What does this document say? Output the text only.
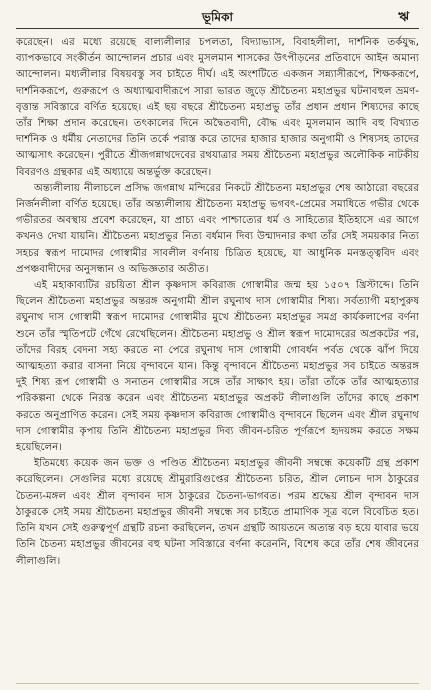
ভূমিকা	ঋ

করেছেন। এর মধ্যে রয়েছে বাল্যলীলার চপলতা, বিদ্যাভ্যাস, বিবাহলীলা, দার্শনিক তর্কযুদ্ধ, ব্যাপকভাবে সংকীর্তন আন্দোলন প্রচার এবং মুসলমান শাসকের উৎপীড়নের প্রতিবাদে আইন অমান্য আন্দোলন। মধ্যলীলার বিষয়বস্তু সব চাইতে দীর্ঘ। এই অংশটিতে একজন সন্ন্যাসীরূপে, শিক্ষকরূপে, দার্শনিকরূপে, গুরুরূপে ও অধ্যাত্মবাদীরূপে সারা ভারত জুড়ে শ্রীচৈতন্য মহাপ্রভুর ঘটনাবহুল ভ্রমণ-বৃত্তান্ত সবিস্তারে বর্ণিত হয়েছে। এই ছয় বছরে শ্রীচৈতন্য মহাপ্রভু তাঁর প্রধান প্রধান শিষ্যদের কাছে তাঁর শিক্ষা প্রদান করেছেন। তৎকালের দিনে অদ্বৈতবাদী, বৌদ্ধ এবং মুসলমান আদি বহু বিখ্যাত দার্শনিক ও ধর্মীয় নেতাদের তিনি তর্কে পরাস্ত করে তাদের হাজার হাজার অনুগামী ও শিষ্যসহ তাদের আত্মসাৎ করেছেন। পুরীতে শ্রীজগন্নাথদেবের রথযাত্রার সময় শ্রীচৈতন্য মহাপ্রভুর অলৌকিক নাটকীয় বিবরণও গ্রন্থকার এই অধ্যায়ে অন্তর্ভুক্ত করেছেন।

অন্ত্যলীলায় নীলাচলে প্রসিদ্ধ জগন্নাথ মন্দিরের নিকটে শ্রীচৈতন্য মহাপ্রভুর শেষ আঠারো বছরের নির্জনলীলা বর্ণিত হয়েছে। তাঁর অন্ত্যলীলায় শ্রীচৈতন্য মহাপ্রভু ভগবৎ-প্রেমের সমাধিতে গভীর থেকে গভীরতর অবস্থায় প্রবেশ করেছেন, যা প্রাচ্য এবং পাশ্চাত্যের ধর্ম ও সাহিত্যের ইতিহাসে এর আগে কখনও দেখা যায়নি। শ্রীচৈতন্য মহাপ্রভুর নিত্য বর্ধমান দিব্য উন্মাদনার কথা তাঁর সেই সময়কার নিত্য সহচর স্বরূপ দামোদর গোস্বামীর সাবলীল বর্ণনায় চিত্রিত হয়েছে, যা আধুনিক মনস্তত্ত্ববিদ এবং প্রপঞ্চবাদীদের অনুসন্ধান ও অভিজ্ঞতার অতীত।

এই মহাকাব্যটির রচয়িতা শ্রীল কৃষ্ণদাস কবিরাজ গোস্বামীর জন্ম হয় ১৫০৭ খ্রিস্টাব্দে। তিনি ছিলেন শ্রীচৈতন্য মহাপ্রভুর অন্তরঙ্গ অনুগামী শ্রীল রঘুনাথ দাস গোস্বামীর শিষ্য। সর্বত্যাগী মহাপুরুষ রঘুনাথ দাস গোস্বামী স্বরূপ দামোদর গোস্বামীর মুখে শ্রীচৈতন্য মহাপ্রভুর সমগ্র কার্যকলাপের বর্ণনা শুনে তাঁর স্মৃতিপটে গেঁথে রেখেছিলেন। শ্রীচৈতন্য মহাপ্রভু ও শ্রীল স্বরূপ দামোদরের অপ্রকটের পর, তাঁদের বিরহ বেদনা সহ্য করতে না পেরে রঘুনাথ দাস গোস্বামী গোবর্ধন পর্বত থেকে ঝাঁপ দিয়ে আত্মহত্যা করার বাসনা নিয়ে বৃন্দাবনে যান। কিন্তু বৃন্দাবনে শ্রীচৈতন্য মহাপ্রভুর সব চাইতে অন্তরঙ্গ দুই শিষ্য রূপ গোস্বামী ও সনাতন গোস্বামীর সঙ্গে তাঁর সাক্ষাৎ হয়। তাঁরা তাঁকে তাঁর আত্মহত্যার পরিকল্পনা থেকে নিরস্ত করেন এবং শ্রীচৈতন্য মহাপ্রভুর অপ্রকট লীলাগুলি তাঁদের কাছে প্রকাশ করতে অনুপ্রাণিত করেন। সেই সময় কৃষ্ণদাস কবিরাজ গোস্বামীও বৃন্দাবনে ছিলেন এবং শ্রীল রঘুনাথ দাস গোস্বামীর কৃপায় তিনি শ্রীচৈতন্য মহাপ্রভুর দিব্য জীবন-চরিত পূর্ণরূপে হৃদয়ঙ্গম করতে সক্ষম হয়েছিলেন।

ইতিমধ্যে কয়েক জন ভক্ত ও পণ্ডিত শ্রীচৈতন্য মহাপ্রভুর জীবনী সম্বন্ধে কয়েকটি গ্রন্থ প্রকাশ করেছিলেন। সেগুলির মধ্যে রয়েছে শ্রীমুরারিগুপ্তের শ্রীচৈতন্য চরিত, শ্রীল লোচন দাস ঠাকুরের চৈতন্য-মঙ্গল এবং শ্রীল বৃন্দাবন দাস ঠাকুরের চৈতন্য-ভাগবত। পরম শ্রদ্ধেয় শ্রীল বৃন্দাবন দাস ঠাকুরকে সেই সময় শ্রীচৈতন্য মহাপ্রভুর জীবনী সম্বন্ধে সব চাইতে প্রামাণিক সূত্র বলে বিবেচিত হত। তিনি যখন সেই গুরুত্বপূর্ণ গ্রন্থটি রচনা করছিলেন, তখন গ্রন্থটি আয়তনে অত্যন্ত বড় হয়ে যাবার ভয়ে তিনি চৈতন্য মহাপ্রভুর জীবনের বহু ঘটনা সবিস্তারে বর্ণনা করেননি, বিশেষ করে তাঁর শেষ জীবনের লীলাগুলি।
